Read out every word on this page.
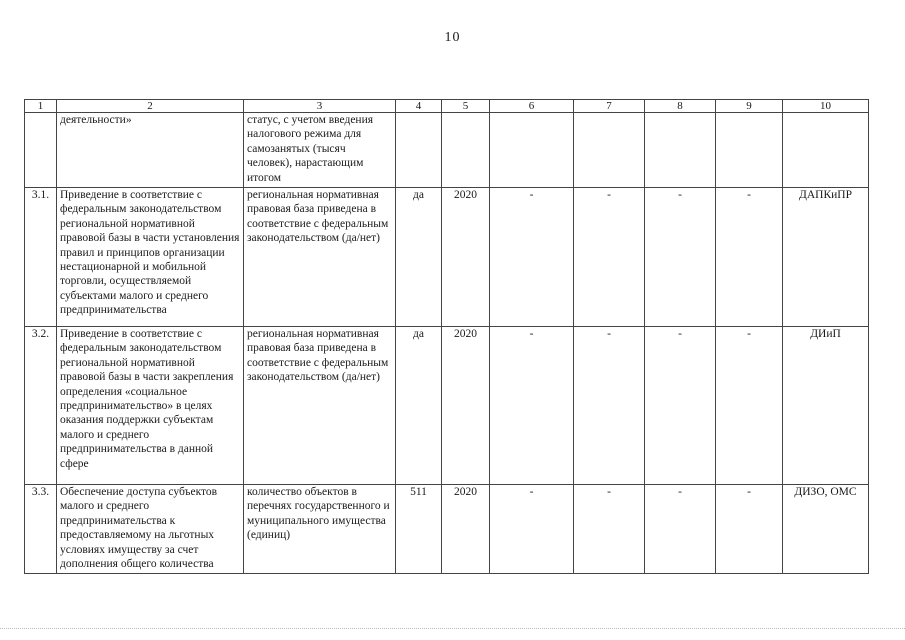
10
1	2	3	4	5	6	7	8	9	10
	деятельности»	статус, с учетом введения налогового режима для самозанятых (тысяч человек), нарастающим итогом							
3.1.	Приведение в соответствие с федеральным законодательством региональной нормативной правовой базы в части установления правил и принципов организации нестационарной и мобильной торговли, осуществляемой субъектами малого и среднего предпринимательства	региональная нормативная правовая база приведена в соответствие с федеральным законодательством (да/нет)	да	2020	-	-	-	-	ДАПКиПР
3.2.	Приведение в соответствие с федеральным законодательством региональной нормативной правовой базы в части закрепления определения «социальное предпринимательство» в целях оказания поддержки субъектам малого и среднего предпринимательства в данной сфере	региональная нормативная правовая база приведена в соответствие с федеральным законодательством (да/нет)	да	2020	-	-	-	-	ДИиП
3.3.	Обеспечение доступа субъектов малого и среднего предпринимательства к предоставляемому на льготных условиях имуществу за счет дополнения общего количества	количество объектов в перечнях государственного и муниципального имущества (единиц)	511	2020	-	-	-	-	ДИЗО, ОМС
